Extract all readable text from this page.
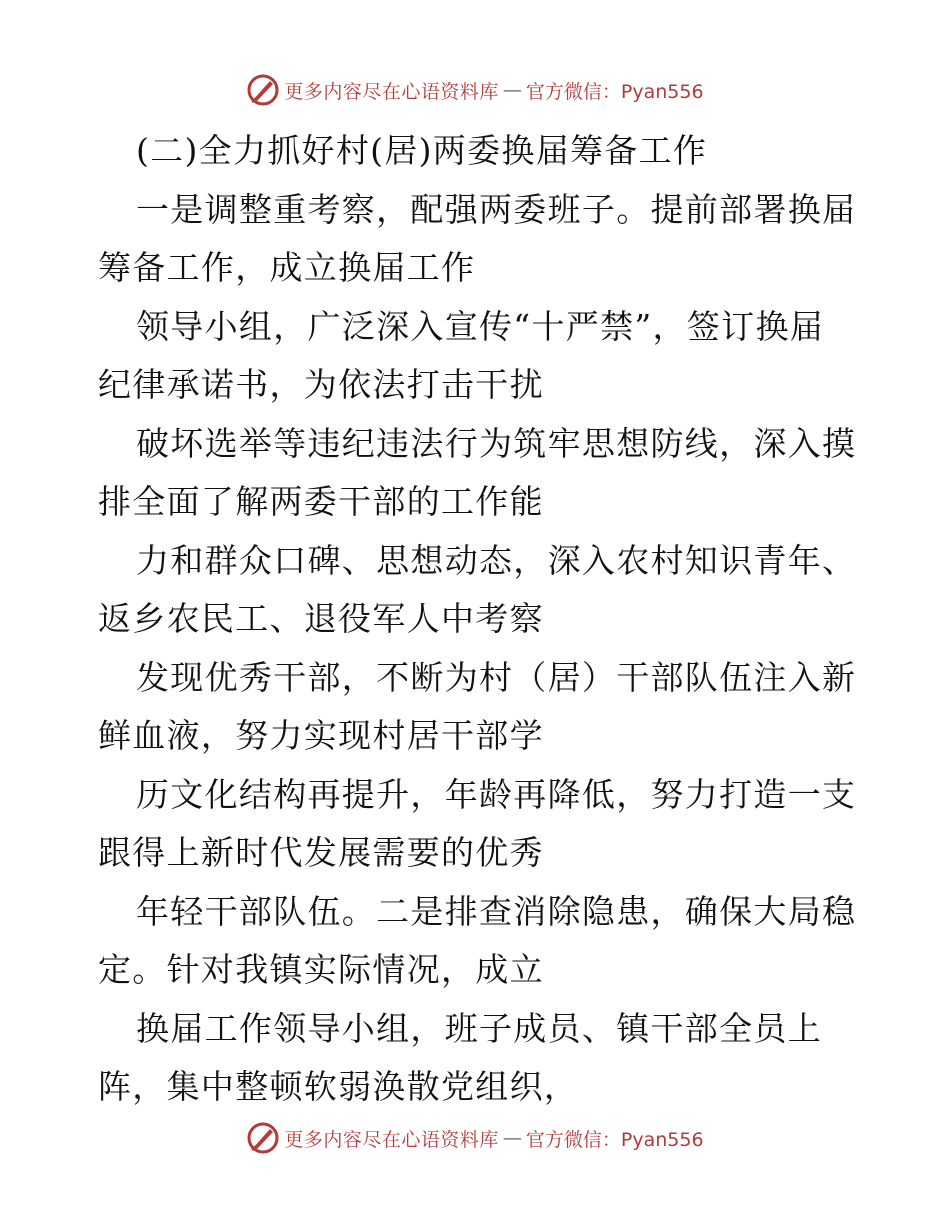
更多内容尽在心语资料库 — 官方微信：Pyan556
(二)全力抓好村(居)两委换届筹备工作
一是调整重考察，配强两委班子。提前部署换届
筹备工作，成立换届工作
领导小组，广泛深入宣传“十严禁”，签订换届
纪律承诺书，为依法打击干扰
破坏选举等违纪违法行为筑牢思想防线，深入摸
排全面了解两委干部的工作能
力和群众口碑、思想动态，深入农村知识青年、
返乡农民工、退役军人中考察
发现优秀干部，不断为村（居）干部队伍注入新
鲜血液，努力实现村居干部学
历文化结构再提升，年龄再降低，努力打造一支
跟得上新时代发展需要的优秀
年轻干部队伍。二是排查消除隐患，确保大局稳
定。针对我镇实际情况，成立
换届工作领导小组，班子成员、镇干部全员上
阵，集中整顿软弱涣散党组织，
更多内容尽在心语资料库 — 官方微信：Pyan556
